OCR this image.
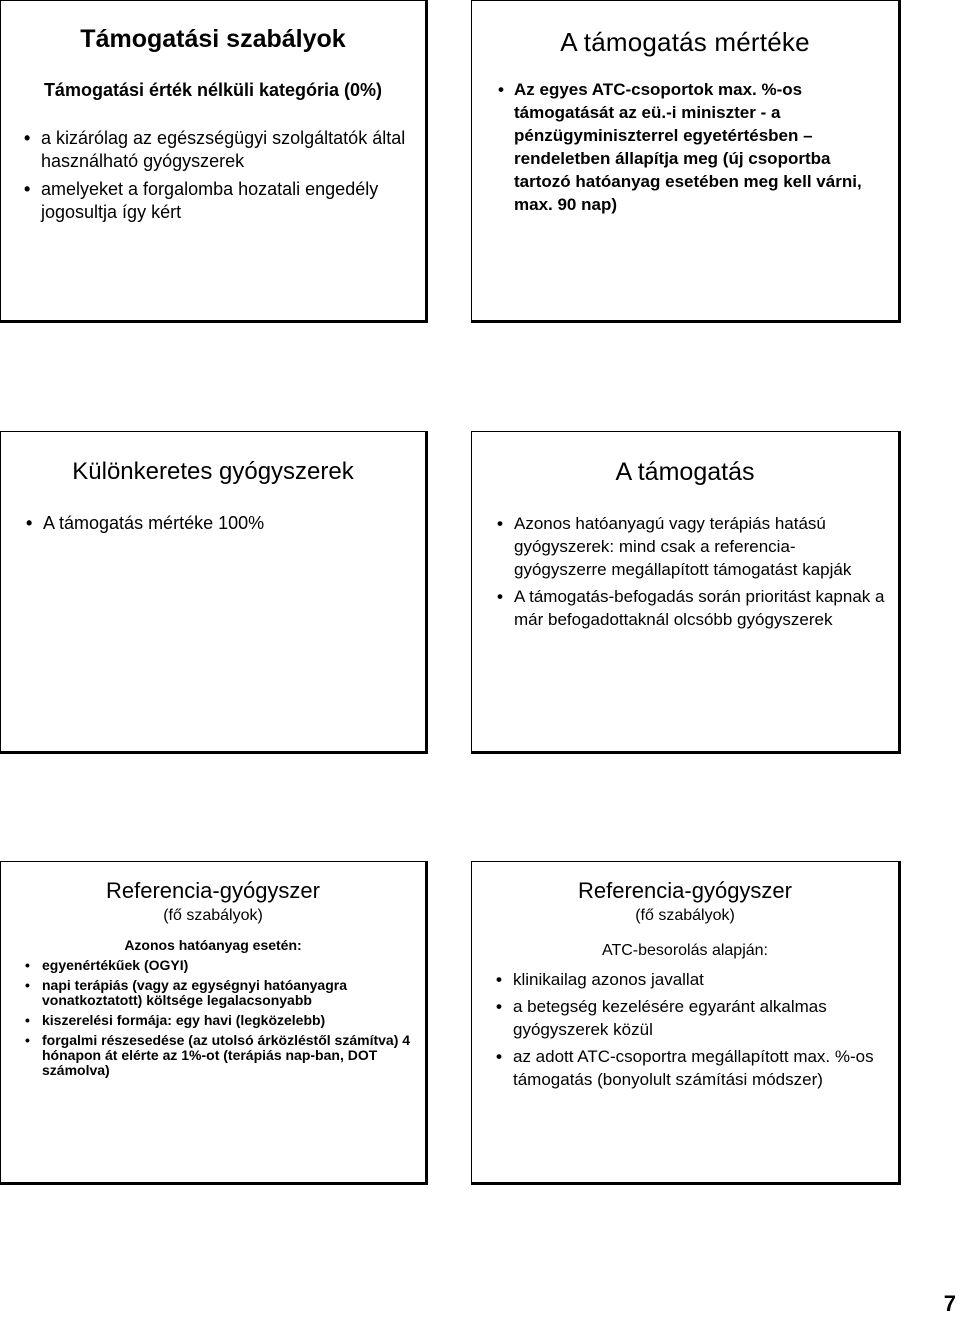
Támogatási szabályok
Támogatási érték nélküli kategória (0%)
• a kizárólag az egészségügyi szolgáltatók által használható gyógyszerek
• amelyeket a forgalomba hozatali engedély jogosultja így kért
A támogatás mértéke
• Az egyes ATC-csoportok max. %-os támogatását az eü.-i miniszter - a pénzügyminiszterrel egyetértésben – rendeletben állapítja meg (új csoportba tartozó hatóanyag esetében meg kell várni, max. 90 nap)
Különkeretes gyógyszerek
• A támogatás mértéke 100%
A támogatás
• Azonos hatóanyagú vagy terápiás hatású gyógyszerek: mind csak a referencia-gyógyszerre megállapított támogatást kapják
• A támogatás-befogadás során prioritást kapnak a már befogadottaknál olcsóbb gyógyszerek
Referencia-gyógyszer
(fő szabályok)
Azonos hatóanyag esetén:
• egyenértékűek (OGYI)
• napi terápiás (vagy az egységnyi hatóanyagra vonatkoztatott) költsége legalacsonyabb
• kiszerelési formája: egy havi (legközelebb)
• forgalmi részesedése (az utolsó árközléstől számítva) 4 hónapon át elérte az 1%-ot (terápiás nap-ban, DOT számolva)
Referencia-gyógyszer
(fő szabályok)
ATC-besorolás alapján:
• klinikailag azonos javallat
• a betegség kezelésére egyaránt alkalmas gyógyszerek közül
• az adott ATC-csoportra megállapított max. %-os támogatás (bonyolult számítási módszer)
7
